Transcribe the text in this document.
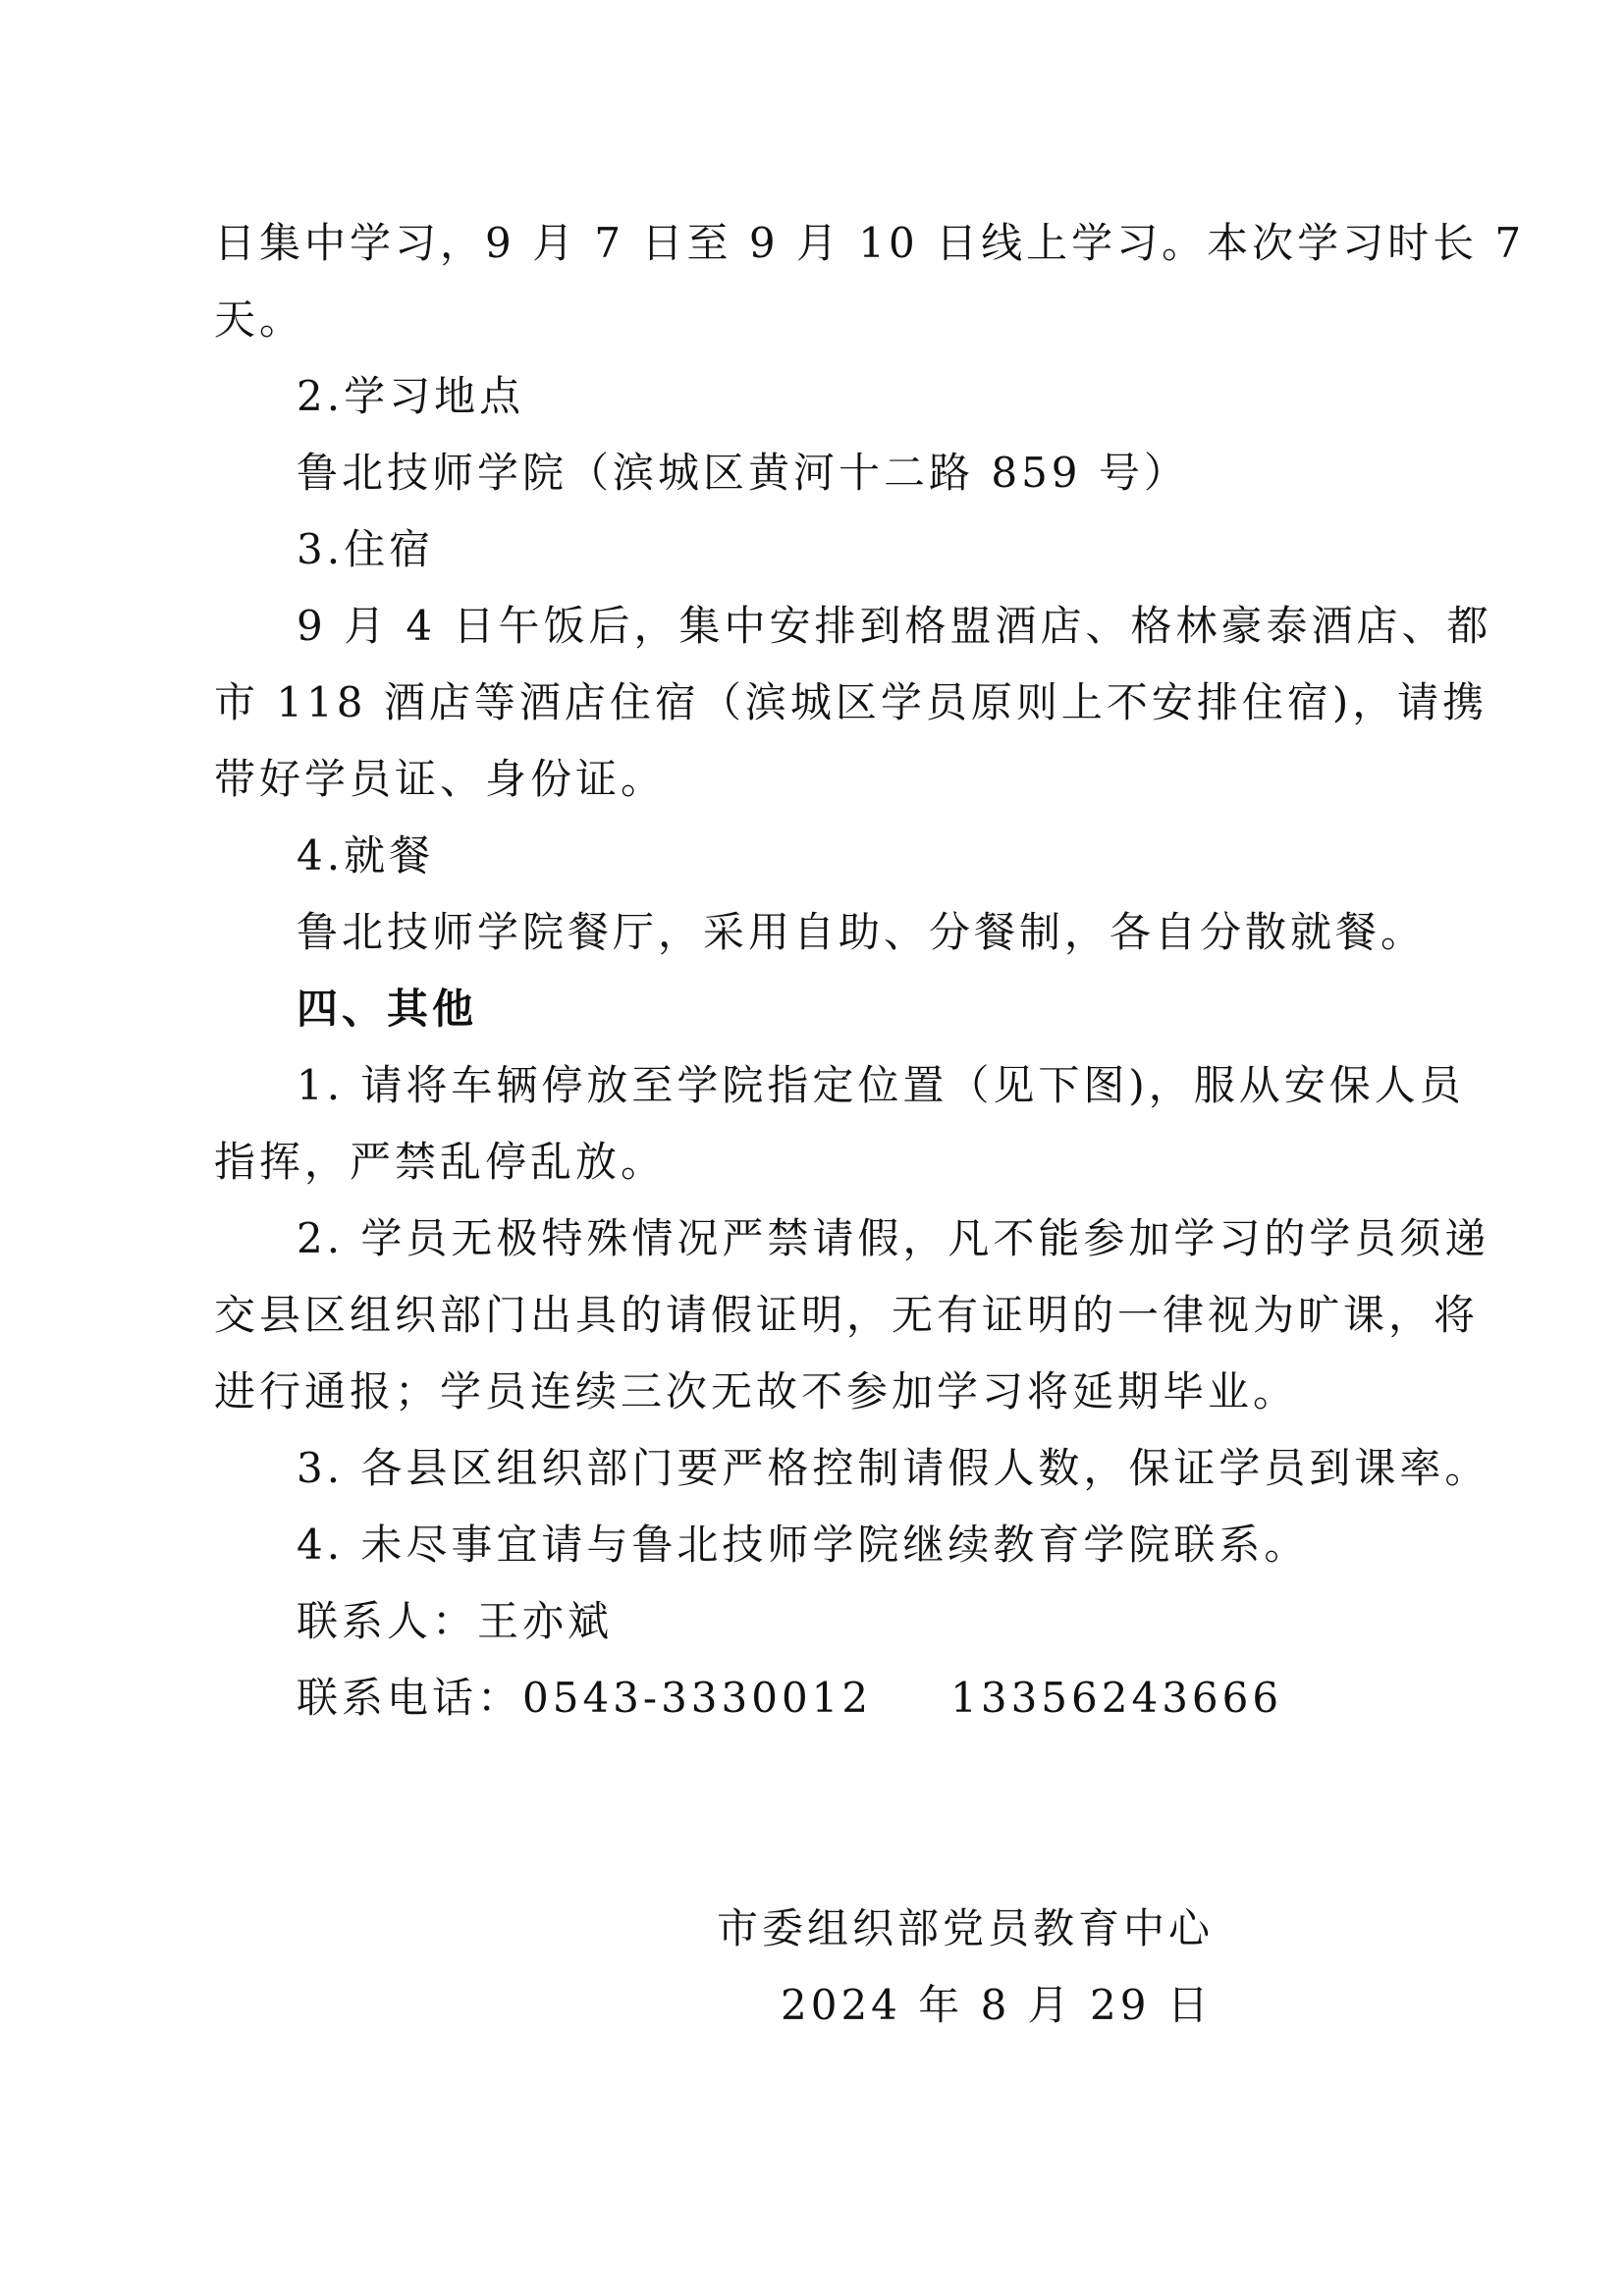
日集中学习，9 月 7 日至 9 月 10 日线上学习。本次学习时长 7
天。
2.学习地点
鲁北技师学院（滨城区黄河十二路 859 号）
3.住宿
9 月 4 日午饭后，集中安排到格盟酒店、格林豪泰酒店、都
市 118 酒店等酒店住宿（滨城区学员原则上不安排住宿)，请携
带好学员证、身份证。
4.就餐
鲁北技师学院餐厅，采用自助、分餐制，各自分散就餐。
四、其他
1. 请将车辆停放至学院指定位置（见下图)，服从安保人员
指挥，严禁乱停乱放。
2. 学员无极特殊情况严禁请假，凡不能参加学习的学员须递
交县区组织部门出具的请假证明，无有证明的一律视为旷课，将
进行通报；学员连续三次无故不参加学习将延期毕业。
3. 各县区组织部门要严格控制请假人数，保证学员到课率。
4. 未尽事宜请与鲁北技师学院继续教育学院联系。
联系人：王亦斌
联系电话：0543-3330012 13356243666
市委组织部党员教育中心
2024 年 8 月 29 日
